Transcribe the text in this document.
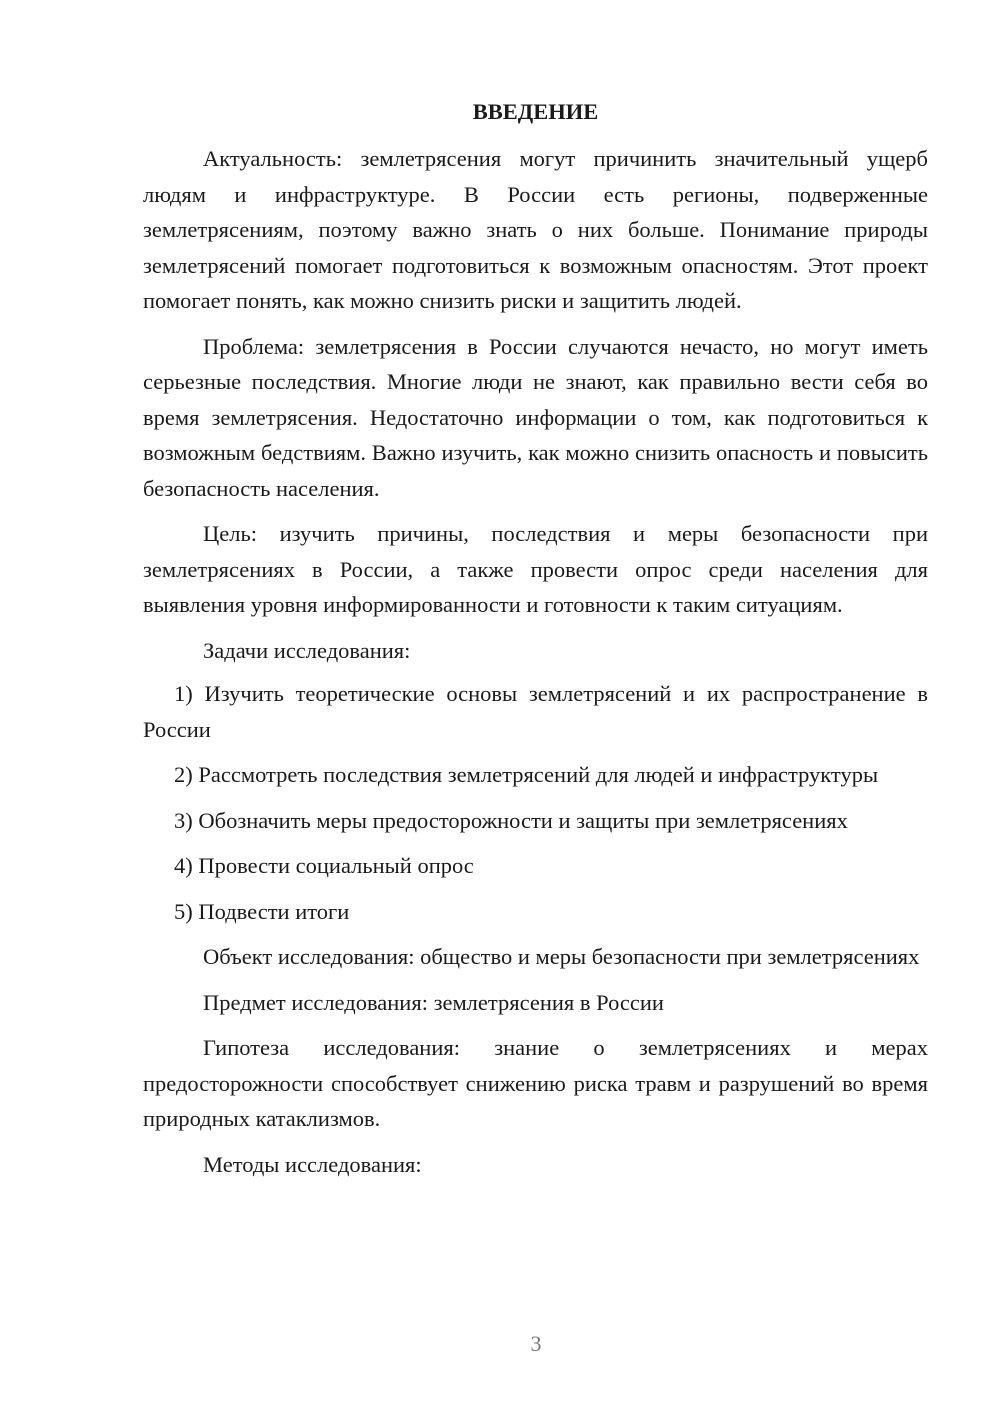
ВВЕДЕНИЕ

Актуальность: землетрясения могут причинить значительный ущерб людям и инфраструктуре. В России есть регионы, подверженные землетрясениям, поэтому важно знать о них больше. Понимание природы землетрясений помогает подготовиться к возможным опасностям. Этот проект помогает понять, как можно снизить риски и защитить людей.

Проблема: землетрясения в России случаются нечасто, но могут иметь серьезные последствия. Многие люди не знают, как правильно вести себя во время землетрясения. Недостаточно информации о том, как подготовиться к возможным бедствиям. Важно изучить, как можно снизить опасность и повысить безопасность населения.

Цель: изучить причины, последствия и меры безопасности при землетрясениях в России, а также провести опрос среди населения для выявления уровня информированности и готовности к таким ситуациям.

Задачи исследования:

1) Изучить теоретические основы землетрясений и их распространение в России

2) Рассмотреть последствия землетрясений для людей и инфраструктуры

3) Обозначить меры предосторожности и защиты при землетрясениях

4) Провести социальный опрос

5) Подвести итоги

Объект исследования: общество и меры безопасности при землетрясениях

Предмет исследования: землетрясения в России

Гипотеза исследования: знание о землетрясениях и мерах предосторожности способствует снижению риска травм и разрушений во время природных катаклизмов.

Методы исследования:

3
